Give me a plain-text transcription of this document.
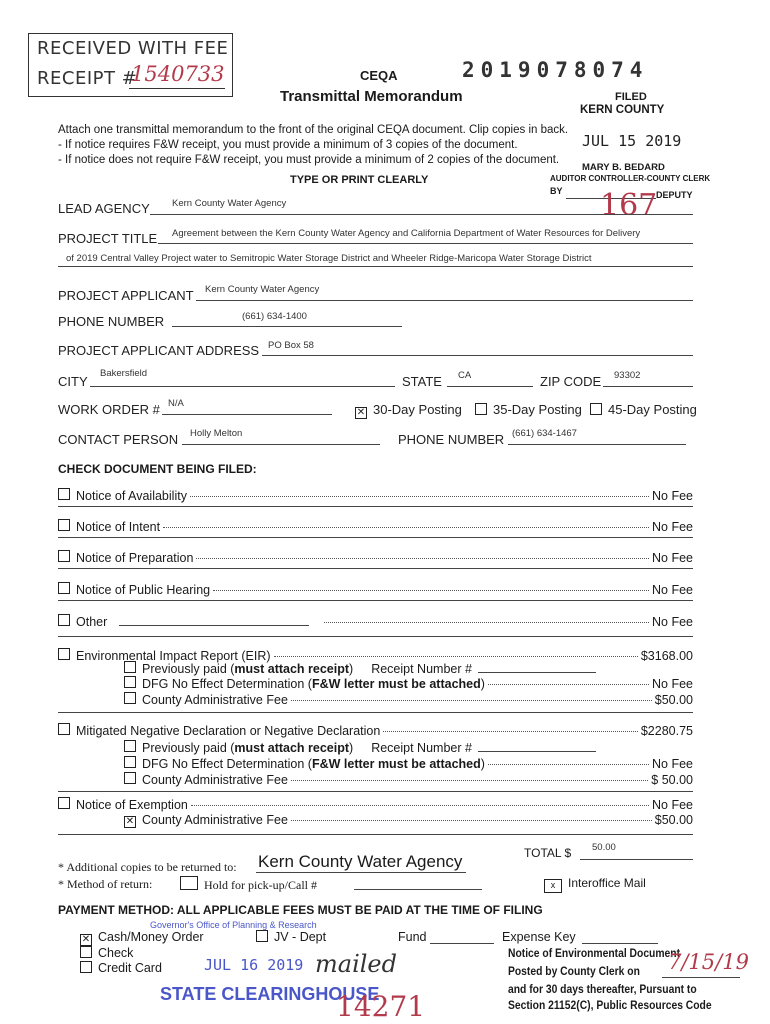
RECEIVED WITH FEE
RECEIPT #
1540733	CEQA
Transmittal Memorandum
2019078074
FILED
KERN COUNTY
Attach one transmittal memorandum to the front of the original CEQA document. Clip copies in back.
- If notice requires F&W receipt, you must provide a minimum of 3 copies of the document.
- If notice does not require F&W receipt, you must provide a minimum of 2 copies of the document.
JUL 15 2019
MARY B. BEDARD
AUDITOR CONTROLLER-COUNTY CLERK
BY	DEPUTY
167
TYPE OR PRINT CLEARLY
LEAD AGENCY Kern County Water Agency
PROJECT TITLE Agreement between the Kern County Water Agency and California Department of Water Resources for Delivery
of 2019 Central Valley Project water to Semitropic Water Storage District and Wheeler Ridge-Maricopa Water Storage District
PROJECT APPLICANT Kern County Water Agency
PHONE NUMBER	(661) 634-1400
PROJECT APPLICANT ADDRESS PO Box 58
CITY
Bakersfield
STATE CA	ZIP CODE 93302
WORK ORDER # N/A
✕ 30-Day Posting	35-Day Posting	45-Day Posting
CONTACT PERSON Holly Melton	PHONE NUMBER (661) 634-1467
CHECK DOCUMENT BEING FILED:
Notice of Availability	No Fee
Notice of Intent	No Fee
Notice of Preparation	No Fee
Notice of Public Hearing	No Fee
Other	No Fee
Environmental Impact Report (EIR)	$3168.00
Previously paid ( must attach receipt ) Receipt Number #
DFG No Effect Determination ( F&W letter must be attached )	No Fee
County Administrative Fee	$50.00
Mitigated Negative Declaration or Negative Declaration	$2280.75
Previously paid ( must attach receipt ) Receipt Number #
DFG No Effect Determination ( F&W letter must be attached )	No Fee
County Administrative Fee	$ 50.00
Notice of Exemption	No Fee
✕ County Administrative Fee	$50.00
TOTAL $ 50.00
* Additional copies to be returned to: Kern County Water Agency
* Method of return:	Hold for pick-up/Call #	x Interoffice Mail
PAYMENT METHOD: ALL APPLICABLE FEES MUST BE PAID AT THE TIME OF FILING
✕ Cash/Money Order
Check
Credit Card
JV - Dept	Fund	Expense Key
Governor's Office of Planning & Research
JUL 16 2019
STATE CLEARINGHOUSE
14271
mailed	Notice of Environmental Document
Posted by County Clerk on 7/15/19
and for 30 days thereafter, Pursuant to
Section 21152(C), Public Resources Code
